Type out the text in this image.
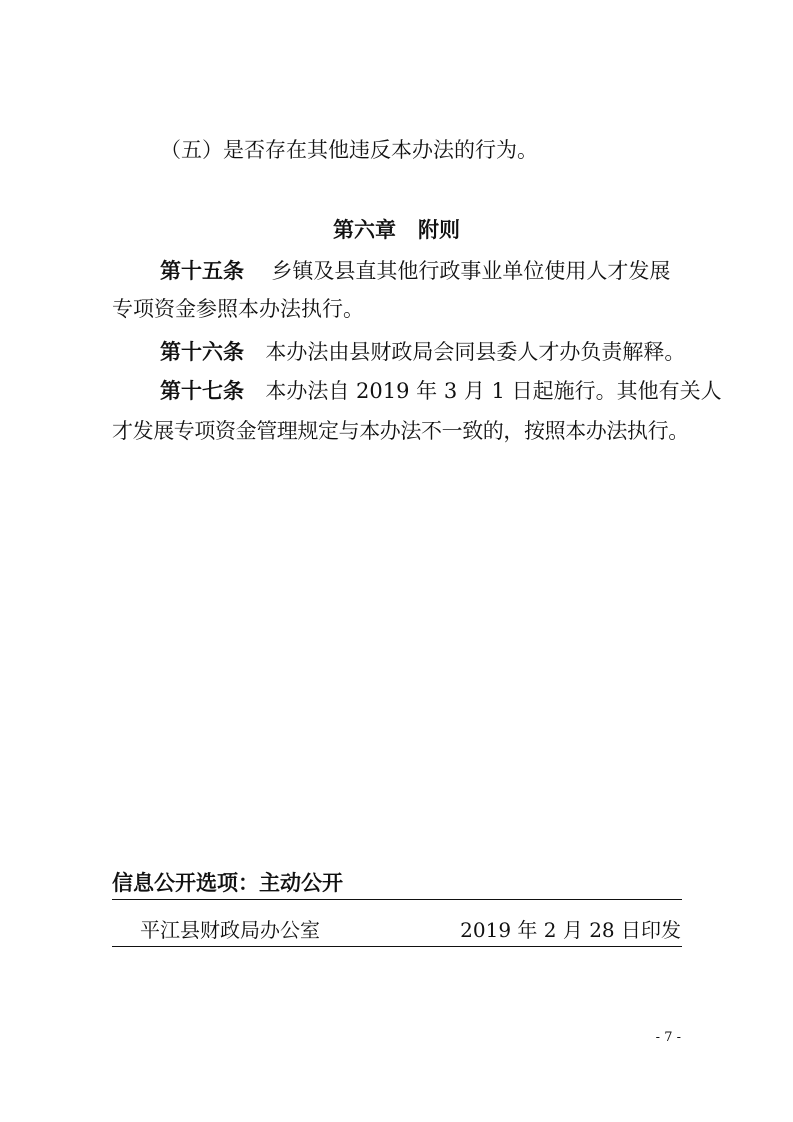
（五）是否存在其他违反本办法的行为。
第六章 附则
第十五条 乡镇及县直其他行政事业单位使用人才发展
专项资金参照本办法执行。
第十六条 本办法由县财政局会同县委人才办负责解释。
第十七条 本办法自 2019 年 3 月 1 日起施行。其他有关人
才发展专项资金管理规定与本办法不一致的，按照本办法执行。
信息公开选项：主动公开
平江县财政局办公室	2019 年 2 月 28 日印发
- 7 -
